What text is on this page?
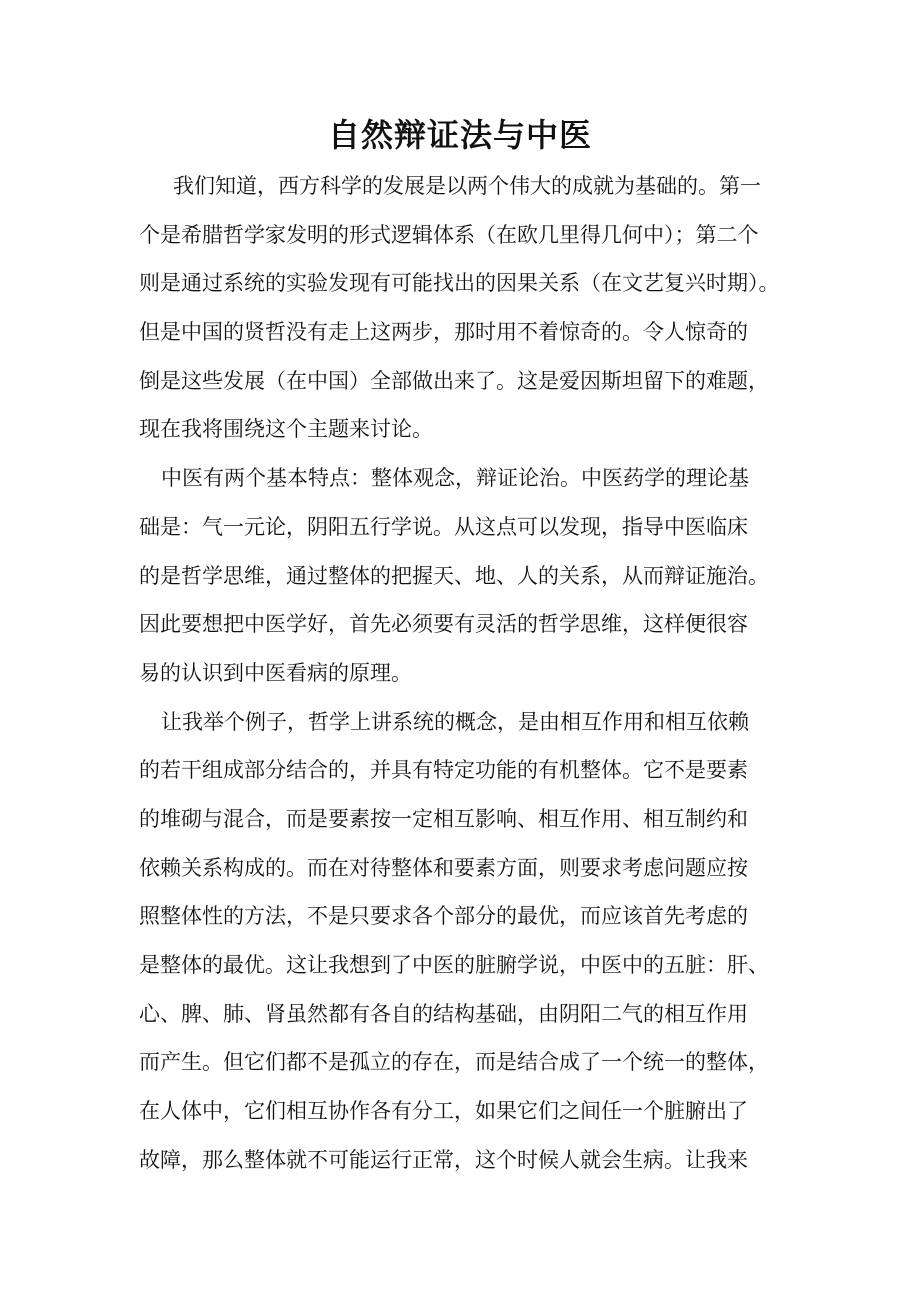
自然辩证法与中医
我们知道，西方科学的发展是以两个伟大的成就为基础的。第一
个是希腊哲学家发明的形式逻辑体系（在欧几里得几何中）；第二个
则是通过系统的实验发现有可能找出的因果关系（在文艺复兴时期）。
但是中国的贤哲没有走上这两步，那时用不着惊奇的。令人惊奇的
倒是这些发展（在中国）全部做出来了。这是爱因斯坦留下的难题，
现在我将围绕这个主题来讨论。
中医有两个基本特点：整体观念，辩证论治。中医药学的理论基
础是：气一元论，阴阳五行学说。从这点可以发现，指导中医临床
的是哲学思维，通过整体的把握天、地、人的关系，从而辩证施治。
因此要想把中医学好，首先必须要有灵活的哲学思维，这样便很容
易的认识到中医看病的原理。
让我举个例子，哲学上讲系统的概念，是由相互作用和相互依赖
的若干组成部分结合的，并具有特定功能的有机整体。它不是要素
的堆砌与混合，而是要素按一定相互影响、相互作用、相互制约和
依赖关系构成的。而在对待整体和要素方面，则要求考虑问题应按
照整体性的方法，不是只要求各个部分的最优，而应该首先考虑的
是整体的最优。这让我想到了中医的脏腑学说，中医中的五脏：肝、
心、脾、肺、肾虽然都有各自的结构基础，由阴阳二气的相互作用
而产生。但它们都不是孤立的存在，而是结合成了一个统一的整体，
在人体中，它们相互协作各有分工，如果它们之间任一个脏腑出了
故障，那么整体就不可能运行正常，这个时候人就会生病。让我来
